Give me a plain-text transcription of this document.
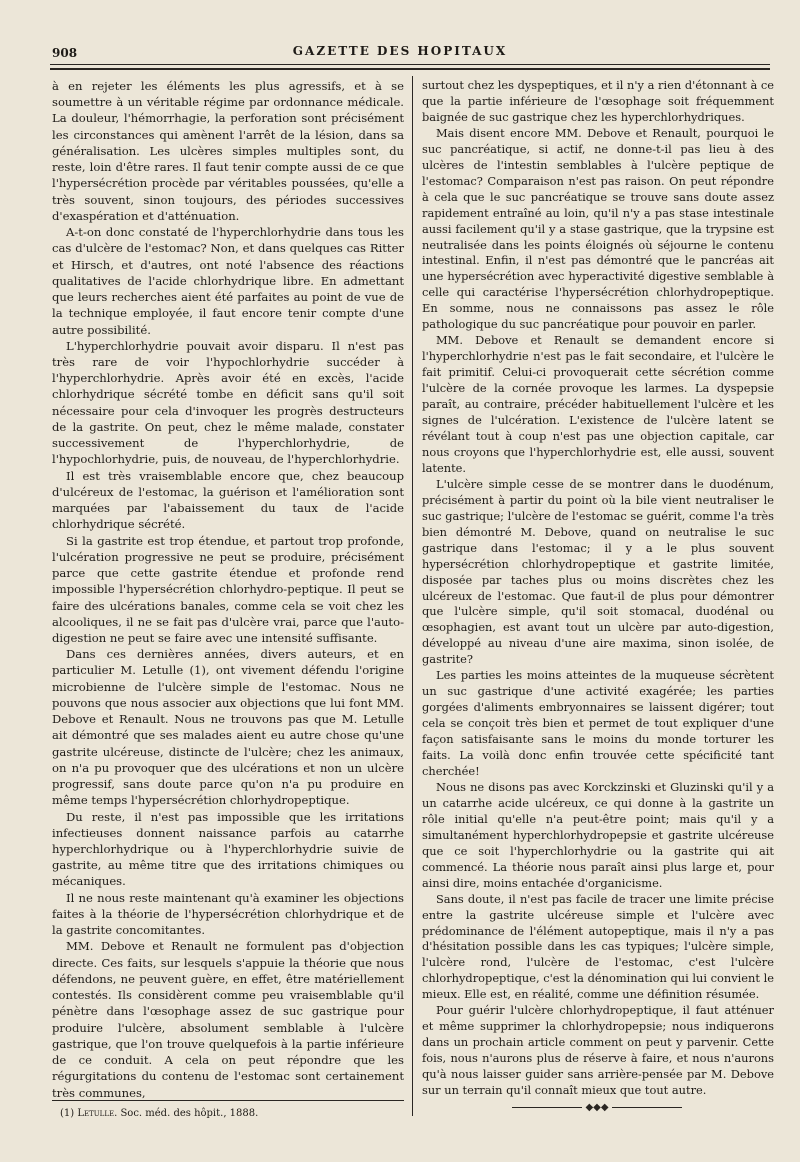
908	GAZETTE DES HOPITAUX

à en rejeter les éléments les plus agressifs, et à se soumettre à un véritable régime par ordonnance médicale. La douleur, l'hémorrhagie, la perforation sont précisément les circonstances qui amènent l'arrêt de la lésion, dans sa généralisation. Les ulcères simples multiples sont, du reste, loin d'être rares. Il faut tenir compte aussi de ce que l'hypersécrétion procède par véritables poussées, qu'elle a très souvent, sinon toujours, des périodes successives d'exaspération et d'atténuation.

A-t-on donc constaté de l'hyperchlorhydrie dans tous les cas d'ulcère de l'estomac? Non, et dans quelques cas Ritter et Hirsch, et d'autres, ont noté l'absence des réactions qualitatives de l'acide chlorhydrique libre. En admettant que leurs recherches aient été parfaites au point de vue de la technique employée, il faut encore tenir compte d'une autre possibilité.

L'hyperchlorhydrie pouvait avoir disparu. Il n'est pas très rare de voir l'hypochlorhydrie succéder à l'hyperchlorhydrie. Après avoir été en excès, l'acide chlorhydrique sécrété tombe en déficit sans qu'il soit nécessaire pour cela d'invoquer les progrès destructeurs de la gastrite. On peut, chez le même malade, constater successivement de l'hyperchlorhydrie, de l'hypochlorhydrie, puis, de nouveau, de l'hyperchlorhydrie.

Il est très vraisemblable encore que, chez beaucoup d'ulcéreux de l'estomac, la guérison et l'amélioration sont marquées par l'abaissement du taux de l'acide chlorhydrique sécrété.

Si la gastrite est trop étendue, et partout trop profonde, l'ulcération progressive ne peut se produire, précisément parce que cette gastrite étendue et profonde rend impossible l'hypersécrétion chlorhydro-peptique. Il peut se faire des ulcérations banales, comme cela se voit chez les alcooliques, il ne se fait pas d'ulcère vrai, parce que l'auto-digestion ne peut se faire avec une intensité suffisante.

Dans ces dernières années, divers auteurs, et en particulier M. Letulle (1), ont vivement défendu l'origine microbienne de l'ulcère simple de l'estomac. Nous ne pouvons que nous associer aux objections que lui font MM. Debove et Renault. Nous ne trouvons pas que M. Letulle ait démontré que ses malades aient eu autre chose qu'une gastrite ulcéreuse, distincte de l'ulcère; chez les animaux, on n'a pu provoquer que des ulcérations et non un ulcère progressif, sans doute parce qu'on n'a pu produire en même temps l'hypersécrétion chlorhydropeptique.

Du reste, il n'est pas impossible que les irritations infectieuses donnent naissance parfois au catarrhe hyperchlorhydrique ou à l'hyperchlorhydrie suivie de gastrite, au même titre que des irritations chimiques ou mécaniques.

Il ne nous reste maintenant qu'à examiner les objections faites à la théorie de l'hypersécrétion chlorhydrique et de la gastrite concomitantes.

MM. Debove et Renault ne formulent pas d'objection directe. Ces faits, sur lesquels s'appuie la théorie que nous défendons, ne peuvent guère, en effet, être matériellement contestés. Ils considèrent comme peu vraisemblable qu'il pénètre dans l'œsophage assez de suc gastrique pour produire l'ulcère, absolument semblable à l'ulcère gastrique, que l'on trouve quelquefois à la partie inférieure de ce conduit. A cela on peut répondre que les régurgitations du contenu de l'estomac sont certainement très communes,

surtout chez les dyspeptiques, et il n'y a rien d'étonnant à ce que la partie inférieure de l'œsophage soit fréquemment baignée de suc gastrique chez les hyperchlorhydriques.

Mais disent encore MM. Debove et Renault, pourquoi le suc pancréatique, si actif, ne donne-t-il pas lieu à des ulcères de l'intestin semblables à l'ulcère peptique de l'estomac? Comparaison n'est pas raison. On peut répondre à cela que le suc pancréatique se trouve sans doute assez rapidement entraîné au loin, qu'il n'y a pas stase intestinale aussi facilement qu'il y a stase gastrique, que la trypsine est neutralisée dans les points éloignés où séjourne le contenu intestinal. Enfin, il n'est pas démontré que le pancréas ait une hypersécrétion avec hyperactivité digestive semblable à celle qui caractérise l'hypersécrétion chlorhydropeptique. En somme, nous ne connaissons pas assez le rôle pathologique du suc pancréatique pour pouvoir en parler.

MM. Debove et Renault se demandent encore si l'hyperchlorhydrie n'est pas le fait secondaire, et l'ulcère le fait primitif. Celui-ci provoquerait cette sécrétion comme l'ulcère de la cornée provoque les larmes. La dyspepsie paraît, au contraire, précéder habituellement l'ulcère et les signes de l'ulcération. L'existence de l'ulcère latent se révélant tout à coup n'est pas une objection capitale, car nous croyons que l'hyperchlorhydrie est, elle aussi, souvent latente.

L'ulcère simple cesse de se montrer dans le duodénum, précisément à partir du point où la bile vient neutraliser le suc gastrique; l'ulcère de l'estomac se guérit, comme l'a très bien démontré M. Debove, quand on neutralise le suc gastrique dans l'estomac; il y a le plus souvent hypersécrétion chlorhydropeptique et gastrite limitée, disposée par taches plus ou moins discrètes chez les ulcéreux de l'estomac. Que faut-il de plus pour démontrer que l'ulcère simple, qu'il soit stomacal, duodénal ou œsophagien, est avant tout un ulcère par auto-digestion, développé au niveau d'une aire maxima, sinon isolée, de gastrite?

Les parties les moins atteintes de la muqueuse sécrètent un suc gastrique d'une activité exagérée; les parties gorgées d'aliments embryonnaires se laissent digérer; tout cela se conçoit très bien et permet de tout expliquer d'une façon satisfaisante sans le moins du monde torturer les faits. La voilà donc enfin trouvée cette spécificité tant cherchée!

Nous ne disons pas avec Korckzinski et Gluzinski qu'il y a un catarrhe acide ulcéreux, ce qui donne à la gastrite un rôle initial qu'elle n'a peut-être point; mais qu'il y a simultanément hyperchlorhydropepsie et gastrite ulcéreuse que ce soit l'hyperchlorhydrie ou la gastrite qui ait commencé. La théorie nous paraît ainsi plus large et, pour ainsi dire, moins entachée d'organicisme.

Sans doute, il n'est pas facile de tracer une limite précise entre la gastrite ulcéreuse simple et l'ulcère avec prédominance de l'élément autopeptique, mais il n'y a pas d'hésitation possible dans les cas typiques; l'ulcère simple, l'ulcère rond, l'ulcère de l'estomac, c'est l'ulcère chlorhydropeptique, c'est la dénomination qui lui convient le mieux. Elle est, en réalité, comme une définition résumée.

Pour guérir l'ulcère chlorhydropeptique, il faut atténuer et même supprimer la chlorhydropepsie; nous indiquerons dans un prochain article comment on peut y parvenir. Cette fois, nous n'aurons plus de réserve à faire, et nous n'aurons qu'à nous laisser guider sans arrière-pensée par M. Debove sur un terrain qu'il connaît mieux que tout autre.

(1) Letulle. Soc. méd. des hôpit., 1888.
◆◆◆
